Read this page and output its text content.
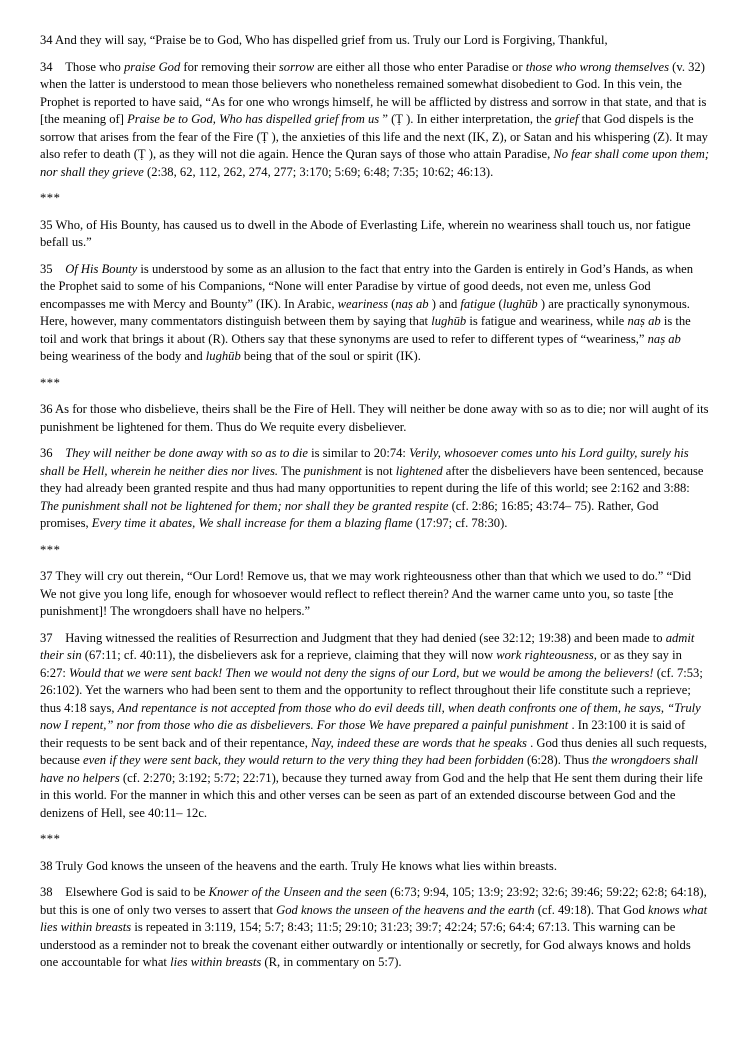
34 And they will say, “Praise be to God, Who has dispelled grief from us. Truly our Lord is Forgiving, Thankful,

34    Those who praise God for removing their sorrow are either all those who enter Paradise or those who wrong themselves (v. 32) when the latter is understood to mean those believers who nonetheless remained somewhat disobedient to God. In this vein, the Prophet is reported to have said, “As for one who wrongs himself, he will be afflicted by distress and sorrow in that state, and that is [the meaning of] Praise be to God, Who has dispelled grief from us ” (Ṭ ). In either interpretation, the grief that God dispels is the sorrow that arises from the fear of the Fire (Ṭ ), the anxieties of this life and the next (IK, Z), or Satan and his whispering (Z). It may also refer to death (Ṭ ), as they will not die again. Hence the Quran says of those who attain Paradise, No fear shall come upon them; nor shall they grieve (2:38, 62, 112, 262, 274, 277; 3:170; 5:69; 6:48; 7:35; 10:62; 46:13).

***

35 Who, of His Bounty, has caused us to dwell in the Abode of Everlasting Life, wherein no weariness shall touch us, nor fatigue befall us.”

35    Of His Bounty is understood by some as an allusion to the fact that entry into the Garden is entirely in God’s Hands, as when the Prophet said to some of his Companions, “None will enter Paradise by virtue of good deeds, not even me, unless God encompasses me with Mercy and Bounty” (IK). In Arabic, weariness (naṣ ab ) and fatigue (lughūb ) are practically synonymous. Here, however, many commentators distinguish between them by saying that lughūb is fatigue and weariness, while naṣ ab is the toil and work that brings it about (R). Others say that these synonyms are used to refer to different types of “weariness,” naṣ ab being weariness of the body and lughūb being that of the soul or spirit (IK).

***

36 As for those who disbelieve, theirs shall be the Fire of Hell. They will neither be done away with so as to die; nor will aught of its punishment be lightened for them. Thus do We requite every disbeliever.

36    They will neither be done away with so as to die is similar to 20:74: Verily, whosoever comes unto his Lord guilty, surely his shall be Hell, wherein he neither dies nor lives. The punishment is not lightened after the disbelievers have been sentenced, because they had already been granted respite and thus had many opportunities to repent during the life of this world; see 2:162 and 3:88: The punishment shall not be lightened for them; nor shall they be granted respite (cf. 2:86; 16:85; 43:74– 75). Rather, God promises, Every time it abates, We shall increase for them a blazing flame (17:97; cf. 78:30).

***

37 They will cry out therein, “Our Lord! Remove us, that we may work righteousness other than that which we used to do.” “Did We not give you long life, enough for whosoever would reflect to reflect therein? And the warner came unto you, so taste [the punishment]! The wrongdoers shall have no helpers.”

37    Having witnessed the realities of Resurrection and Judgment that they had denied (see 32:12; 19:38) and been made to admit their sin (67:11; cf. 40:11), the disbelievers ask for a reprieve, claiming that they will now work righteousness, or as they say in 6:27: Would that we were sent back! Then we would not deny the signs of our Lord, but we would be among the believers! (cf. 7:53; 26:102). Yet the warners who had been sent to them and the opportunity to reflect throughout their life constitute such a reprieve; thus 4:18 says, And repentance is not accepted from those who do evil deeds till, when death confronts one of them, he says, “Truly now I repent,” nor from those who die as disbelievers. For those We have prepared a painful punishment . In 23:100 it is said of their requests to be sent back and of their repentance, Nay, indeed these are words that he speaks . God thus denies all such requests, because even if they were sent back, they would return to the very thing they had been forbidden (6:28). Thus the wrongdoers shall have no helpers (cf. 2:270; 3:192; 5:72; 22:71), because they turned away from God and the help that He sent them during their life in this world. For the manner in which this and other verses can be seen as part of an extended discourse between God and the denizens of Hell, see 40:11– 12c.

***

38 Truly God knows the unseen of the heavens and the earth. Truly He knows what lies within breasts.

38    Elsewhere God is said to be Knower of the Unseen and the seen (6:73; 9:94, 105; 13:9; 23:92; 32:6; 39:46; 59:22; 62:8; 64:18), but this is one of only two verses to assert that God knows the unseen of the heavens and the earth (cf. 49:18). That God knows what lies within breasts is repeated in 3:119, 154; 5:7; 8:43; 11:5; 29:10; 31:23; 39:7; 42:24; 57:6; 64:4; 67:13. This warning can be understood as a reminder not to break the covenant either outwardly or intentionally or secretly, for God always knows and holds one accountable for what lies within breasts (R, in commentary on 5:7).
